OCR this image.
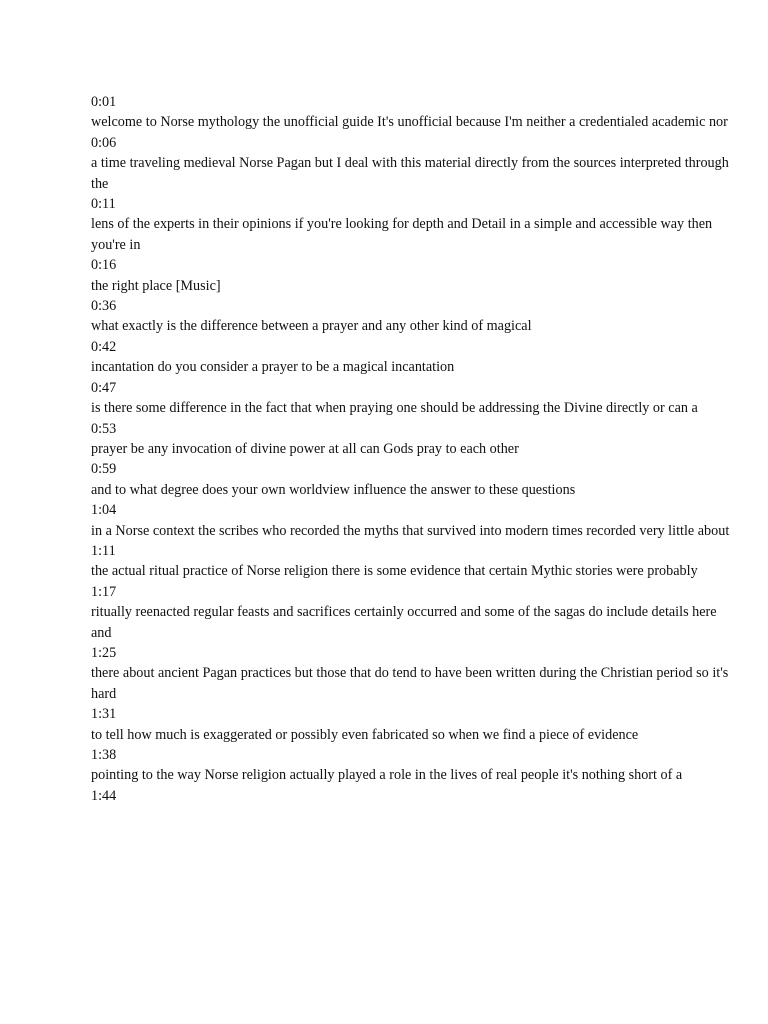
0:01
welcome to Norse mythology the unofficial guide It's unofficial because I'm neither a credentialed academic nor
0:06
a time traveling medieval Norse Pagan but I deal with this material directly from the sources interpreted through the
0:11
lens of the experts in their opinions if you're looking for depth and Detail in a simple and accessible way then you're in
0:16
the right place [Music]
0:36
what exactly is the difference between a prayer and any other kind of magical
0:42
incantation do you consider a prayer to be a magical incantation
0:47
is there some difference in the fact that when praying one should be addressing the Divine directly or can a
0:53
prayer be any invocation of divine power at all can Gods pray to each other
0:59
and to what degree does your own worldview influence the answer to these questions
1:04
in a Norse context the scribes who recorded the myths that survived into modern times recorded very little about
1:11
the actual ritual practice of Norse religion there is some evidence that certain Mythic stories were probably
1:17
ritually reenacted regular feasts and sacrifices certainly occurred and some of the sagas do include details here and
1:25
there about ancient Pagan practices but those that do tend to have been written during the Christian period so it's hard
1:31
to tell how much is exaggerated or possibly even fabricated so when we find a piece of evidence
1:38
pointing to the way Norse religion actually played a role in the lives of real people it's nothing short of a
1:44
